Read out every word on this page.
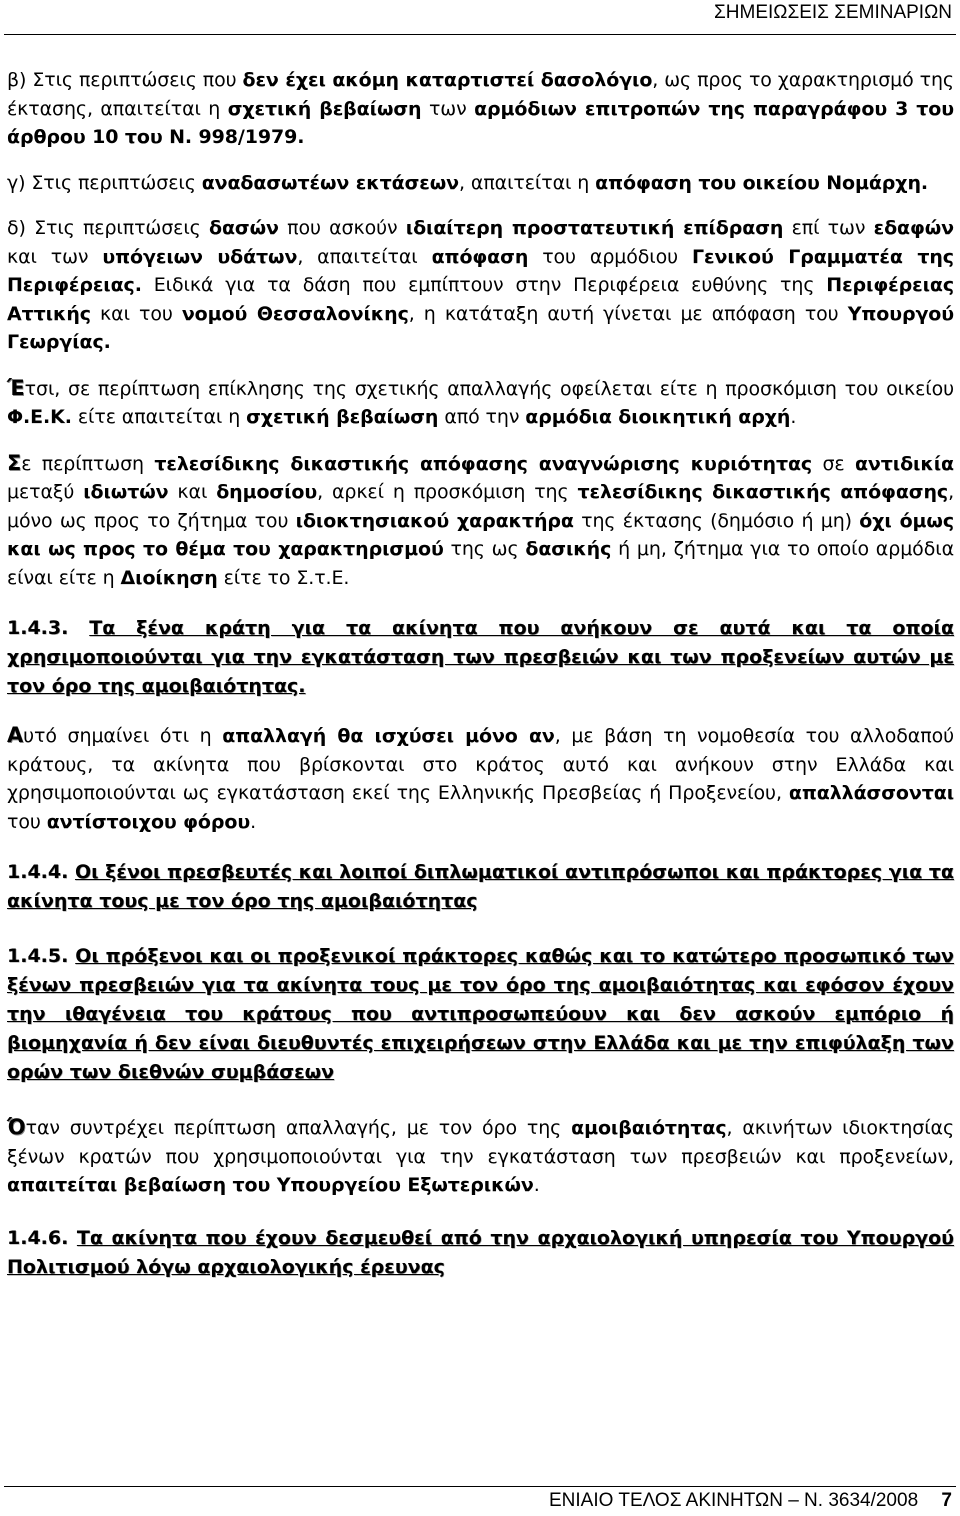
ΣΗΜΕΙΩΣΕΙΣ ΣΕΜΙΝΑΡΙΩΝ

β) Στις περιπτώσεις που δεν έχει ακόμη καταρτιστεί δασολόγιο, ως προς το χαρακτηρισμό της έκτασης, απαιτείται η σχετική βεβαίωση των αρμόδιων επιτροπών της παραγράφου 3 του άρθρου 10 του Ν. 998/1979.

γ) Στις περιπτώσεις αναδασωτέων εκτάσεων, απαιτείται η απόφαση του οικείου Νομάρχη.

δ) Στις περιπτώσεις δασών που ασκούν ιδιαίτερη προστατευτική επίδραση επί των εδαφών και των υπόγειων υδάτων, απαιτείται απόφαση του αρμόδιου Γενικού Γραμματέα της Περιφέρειας. Ειδικά για τα δάση που εμπίπτουν στην Περιφέρεια ευθύνης της Περιφέρειας Αττικής και του νομού Θεσσαλονίκης, η κατάταξη αυτή γίνεται με απόφαση του Υπουργού Γεωργίας.

Έτσι, σε περίπτωση επίκλησης της σχετικής απαλλαγής οφείλεται είτε η προσκόμιση του οικείου Φ.Ε.Κ. είτε απαιτείται η σχετική βεβαίωση από την αρμόδια διοικητική αρχή.

Σε περίπτωση τελεσίδικης δικαστικής απόφασης αναγνώρισης κυριότητας σε αντιδικία μεταξύ ιδιωτών και δημοσίου, αρκεί η προσκόμιση της τελεσίδικης δικαστικής απόφασης, μόνο ως προς το ζήτημα του ιδιοκτησιακού χαρακτήρα της έκτασης (δημόσιο ή μη) όχι όμως και ως προς το θέμα του χαρακτηρισμού της ως δασικής ή μη, ζήτημα για το οποίο αρμόδια είναι είτε η Διοίκηση είτε το Σ.τ.Ε.

1.4.3. Τα ξένα κράτη για τα ακίνητα που ανήκουν σε αυτά και τα οποία χρησιμοποιούνται για την εγκατάσταση των πρεσβειών και των προξενείων αυτών με τον όρο της αμοιβαιότητας.

Αυτό σημαίνει ότι η απαλλαγή θα ισχύσει μόνο αν, με βάση τη νομοθεσία του αλλοδαπού κράτους, τα ακίνητα που βρίσκονται στο κράτος αυτό και ανήκουν στην Ελλάδα και χρησιμοποιούνται ως εγκατάσταση εκεί της Ελληνικής Πρεσβείας ή Προξενείου, απαλλάσσονται του αντίστοιχου φόρου.

1.4.4. Οι ξένοι πρεσβευτές και λοιποί διπλωματικοί αντιπρόσωποι και πράκτορες για τα ακίνητα τους με τον όρο της αμοιβαιότητας
1.4.5. Οι πρόξενοι και οι προξενικοί πράκτορες καθώς και το κατώτερο προσωπικό των ξένων πρεσβειών για τα ακίνητα τους με τον όρο της αμοιβαιότητας και εφόσον έχουν την ιθαγένεια του κράτους που αντιπροσωπεύουν και δεν ασκούν εμπόριο ή βιομηχανία ή δεν είναι διευθυντές επιχειρήσεων στην Ελλάδα και με την επιφύλαξη των ορών των διεθνών συμβάσεων

Όταν συντρέχει περίπτωση απαλλαγής, με τον όρο της αμοιβαιότητας, ακινήτων ιδιοκτησίας ξένων κρατών που χρησιμοποιούνται για την εγκατάσταση των πρεσβειών και προξενείων, απαιτείται βεβαίωση του Υπουργείου Εξωτερικών.

1.4.6. Τα ακίνητα που έχουν δεσμευθεί από την αρχαιολογική υπηρεσία του Υπουργού Πολιτισμού λόγω αρχαιολογικής έρευνας
ΕΝΙΑΙΟ ΤΕΛΟΣ ΑΚΙΝΗΤΩΝ – Ν. 3634/2008 7
